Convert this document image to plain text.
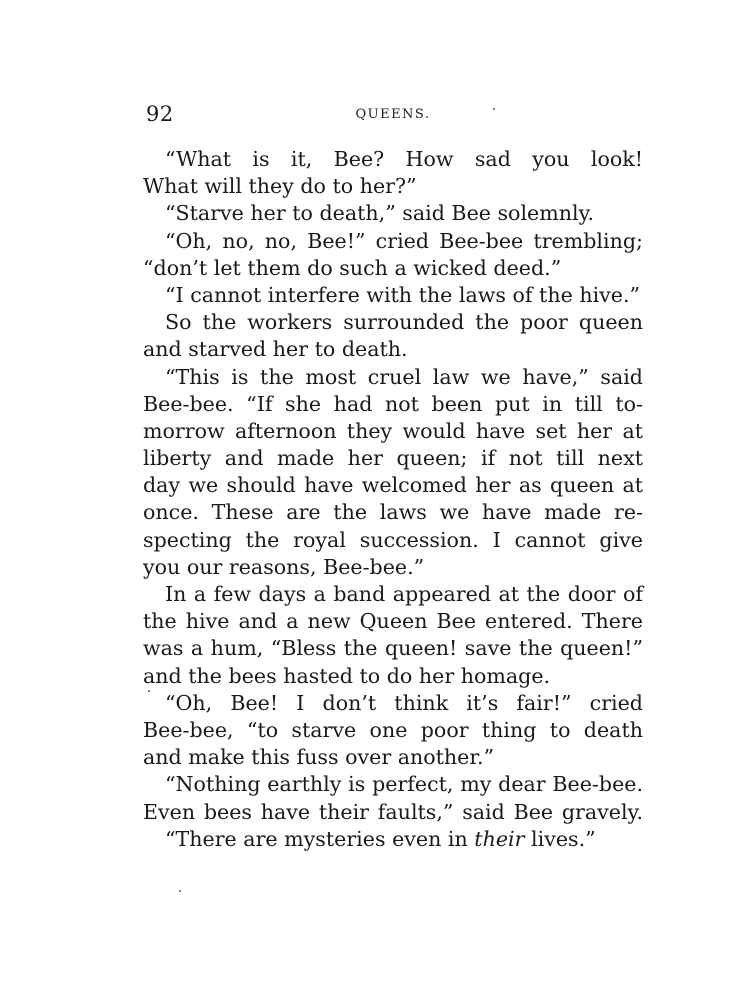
92	QUEENS.
“What is it, Bee? How sad you look!
What will they do to her?”
“Starve her to death,” said Bee solemnly.
“Oh, no, no, Bee!” cried Bee-bee trembling;
“don’t let them do such a wicked deed.”
“I cannot interfere with the laws of the hive.”
So the workers surrounded the poor queen
and starved her to death.
“This is the most cruel law we have,” said
Bee-bee. “If she had not been put in till to-
morrow afternoon they would have set her at
liberty and made her queen; if not till next
day we should have welcomed her as queen at
once. These are the laws we have made re-
specting the royal succession. I cannot give
you our reasons, Bee-bee.”
In a few days a band appeared at the door of
the hive and a new Queen Bee entered. There
was a hum, “Bless the queen! save the queen!”
and the bees hasted to do her homage.
“Oh, Bee! I don’t think it’s fair!” cried
Bee-bee, “to starve one poor thing to death
and make this fuss over another.”
“Nothing earthly is perfect, my dear Bee-bee.
Even bees have their faults,” said Bee gravely.
“There are mysteries even in their lives.”
